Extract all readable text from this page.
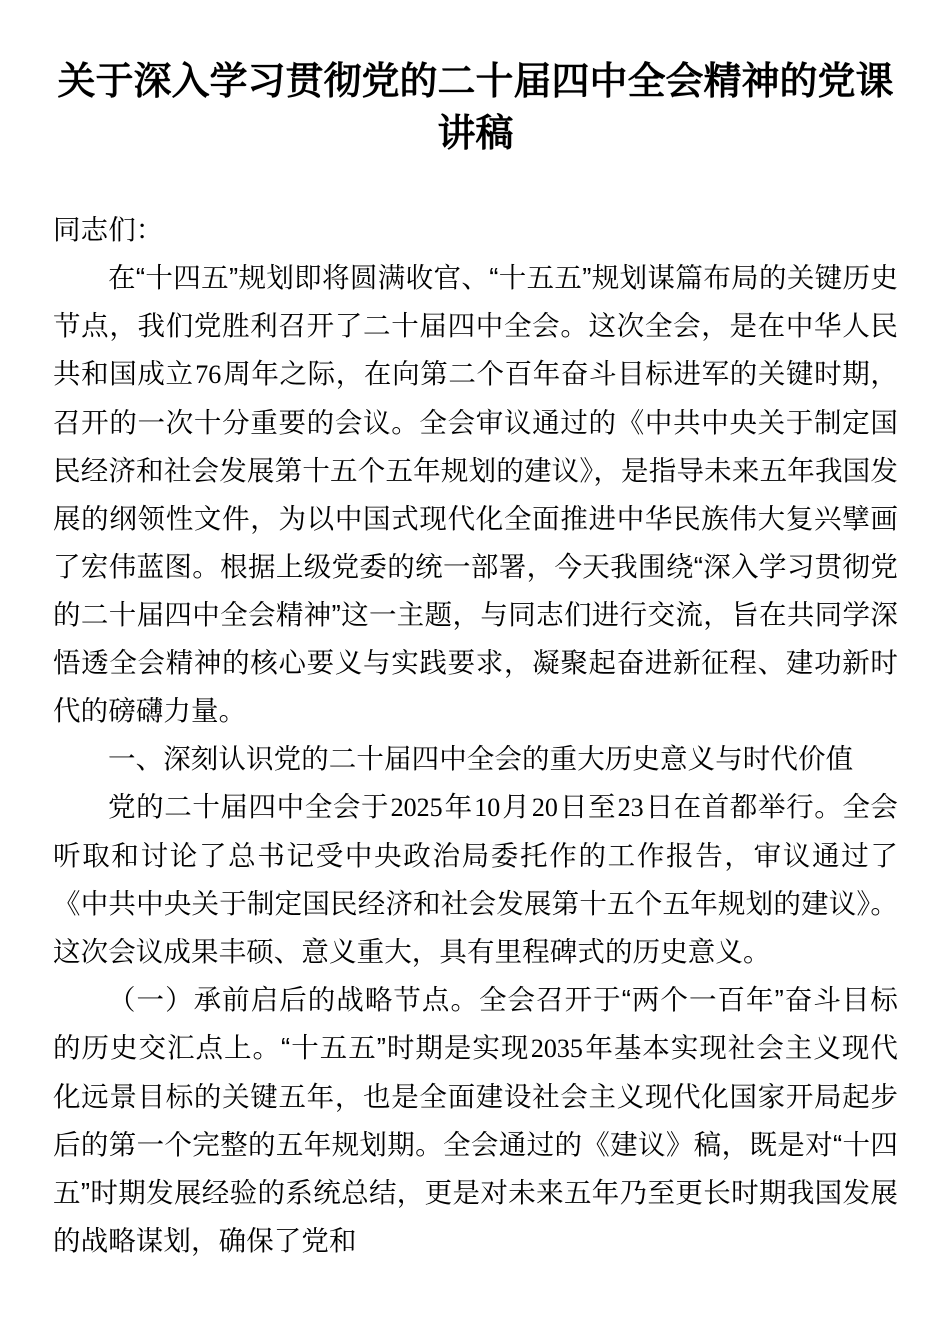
关于深入学习贯彻党的二十届四中全会精神的党课讲稿

同志们：

在“十四五”规划即将圆满收官、“十五五”规划谋篇布局的关键历史节点，我们党胜利召开了二十届四中全会。这次全会，是在中华人民共和国成立76周年之际，在向第二个百年奋斗目标进军的关键时期，召开的一次十分重要的会议。全会审议通过的《中共中央关于制定国民经济和社会发展第十五个五年规划的建议》，是指导未来五年我国发展的纲领性文件，为以中国式现代化全面推进中华民族伟大复兴擘画了宏伟蓝图。根据上级党委的统一部署，今天我围绕“深入学习贯彻党的二十届四中全会精神”这一主题，与同志们进行交流，旨在共同学深悟透全会精神的核心要义与实践要求，凝聚起奋进新征程、建功新时代的磅礴力量。

一、深刻认识党的二十届四中全会的重大历史意义与时代价值

党的二十届四中全会于2025年10月20日至23日在首都举行。全会听取和讨论了总书记受中央政治局委托作的工作报告，审议通过了《中共中央关于制定国民经济和社会发展第十五个五年规划的建议》。这次会议成果丰硕、意义重大，具有里程碑式的历史意义。

（一）承前启后的战略节点。全会召开于“两个一百年”奋斗目标的历史交汇点上。“十五五”时期是实现2035年基本实现社会主义现代化远景目标的关键五年，也是全面建设社会主义现代化国家开局起步后的第一个完整的五年规划期。全会通过的《建议》稿，既是对“十四五”时期发展经验的系统总结，更是对未来五年乃至更长时期我国发展的战略谋划，确保了党和
